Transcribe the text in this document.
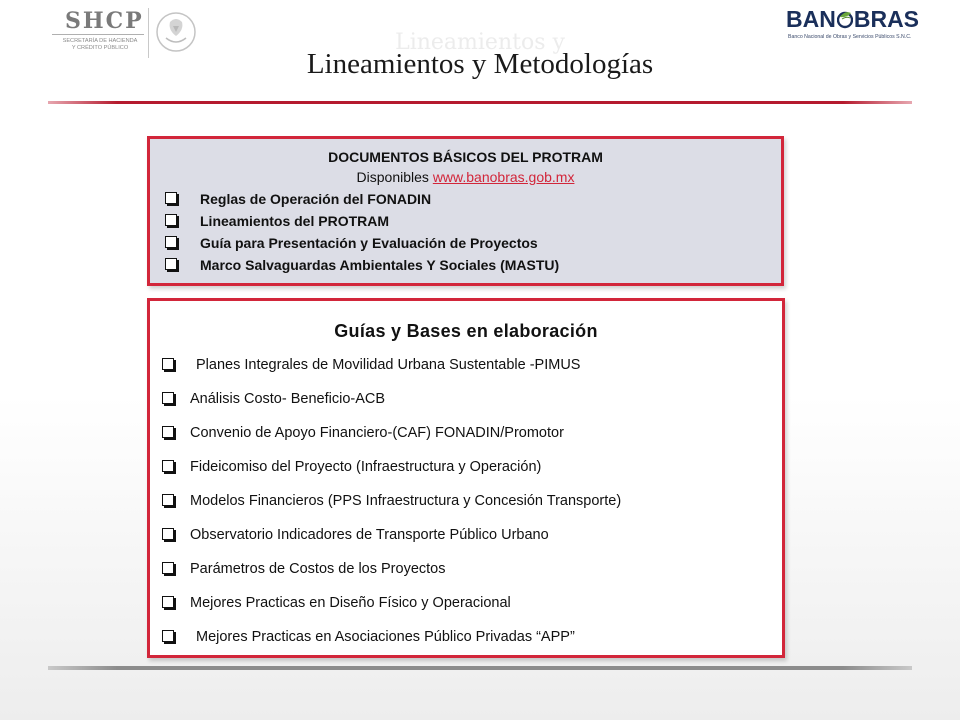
SHCP
SECRETARÍA DE HACIENDA
Y CRÉDITO PÚBLICO
BAN BRAS
Banco Nacional de Obras y Servicios Públicos S.N.C.
Lineamientos y
Lineamientos y Metodologías
DOCUMENTOS BÁSICOS DEL PROTRAM
Disponibles www.banobras.gob.mx
Reglas de Operación del FONADIN
Lineamientos del PROTRAM
Guía para Presentación y Evaluación de Proyectos
Marco Salvaguardas Ambientales Y Sociales (MASTU)
Guías y Bases en elaboración
Planes Integrales de Movilidad Urbana Sustentable -PIMUS
Análisis Costo- Beneficio-ACB
Convenio de Apoyo Financiero-(CAF) FONADIN/Promotor
Fideicomiso del Proyecto (Infraestructura y Operación)
Modelos Financieros (PPS Infraestructura y Concesión Transporte)
Observatorio Indicadores de Transporte Público Urbano
Parámetros de Costos de los Proyectos
Mejores Practicas en Diseño Físico y Operacional
Mejores Practicas en Asociaciones Público Privadas “APP”
